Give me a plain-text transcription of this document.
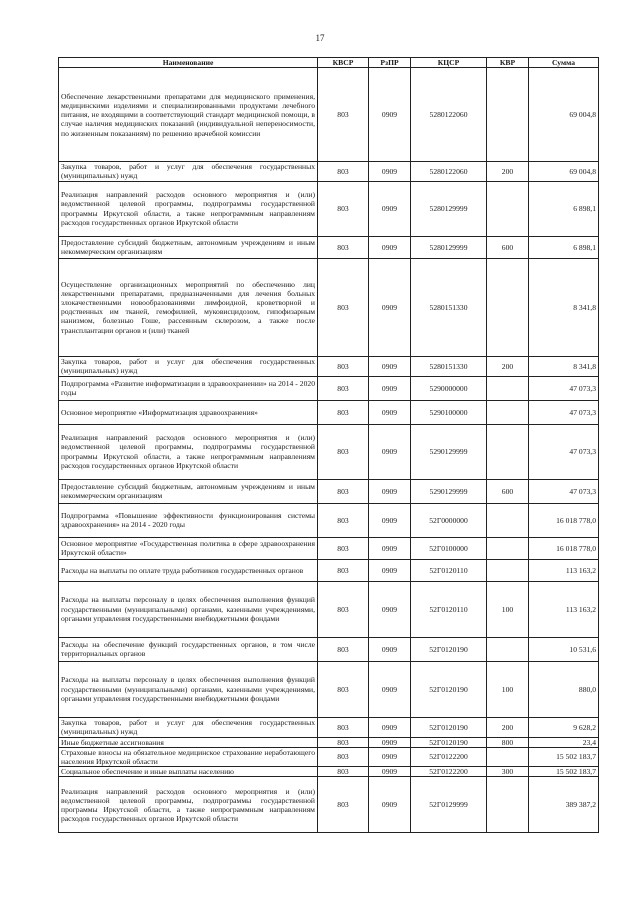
17
Наименование	КВСР	РзПР	КЦСР	КВР	Сумма
Обеспечение лекарственными препаратами для медицинского применения, медицинскими изделиями и специализированными продуктами лечебного питания, не входящими в соответствующий стандарт медицинской помощи, в случае наличия медицинских показаний (индивидуальной непереносимости, по жизненным показаниям) по решению врачебной комиссии	803	0909	5280122060		69 004,8
Закупка товаров, работ и услуг для обеспечения государственных (муниципальных) нужд	803	0909	5280122060	200	69 004,8
Реализация направлений расходов основного мероприятия и (или) ведомственной целевой программы, подпрограммы государственной программы Иркутской области, а также непрограммным направлениям расходов государственных органов Иркутской области	803	0909	5280129999		6 898,1
Предоставление субсидий бюджетным, автономным учреждениям и иным некоммерческим организациям	803	0909	5280129999	600	6 898,1
Осуществление организационных мероприятий по обеспечению лиц лекарственными препаратами, предназначенными для лечения больных злокачественными новообразованиями лимфоидной, кроветворной и родственных им тканей, гемофилией, муковисцидозом, гипофизарным нанизмом, болезнью Гоше, рассеянным склерозом, а также после трансплантации органов и (или) тканей	803	0909	5280151330		8 341,8
Закупка товаров, работ и услуг для обеспечения государственных (муниципальных) нужд	803	0909	5280151330	200	8 341,8
Подпрограмма «Развитие информатизации в здравоохранении» на 2014 - 2020 годы	803	0909	5290000000		47 073,3
Основное мероприятие «Информатизация здравоохранения»	803	0909	5290100000		47 073,3
Реализация направлений расходов основного мероприятия и (или) ведомственной целевой программы, подпрограммы государственной программы Иркутской области, а также непрограммным направлениям расходов государственных органов Иркутской области	803	0909	5290129999		47 073,3
Предоставление субсидий бюджетным, автономным учреждениям и иным некоммерческим организациям	803	0909	5290129999	600	47 073,3
Подпрограмма «Повышение эффективности функционирования системы здравоохранения» на 2014 - 2020 годы	803	0909	52Г0000000		16 018 778,0
Основное мероприятие «Государственная политика в сфере здравоохранения Иркутской области»	803	0909	52Г0100000		16 018 778,0
Расходы на выплаты по оплате труда работников государственных органов	803	0909	52Г0120110		113 163,2
Расходы на выплаты персоналу в целях обеспечения выполнения функций государственными (муниципальными) органами, казенными учреждениями, органами управления государственными внебюджетными фондами	803	0909	52Г0120110	100	113 163,2
Расходы на обеспечение функций государственных органов, в том числе территориальных органов	803	0909	52Г0120190		10 531,6
Расходы на выплаты персоналу в целях обеспечения выполнения функций государственными (муниципальными) органами, казенными учреждениями, органами управления государственными внебюджетными фондами	803	0909	52Г0120190	100	880,0
Закупка товаров, работ и услуг для обеспечения государственных (муниципальных) нужд	803	0909	52Г0120190	200	9 628,2
Иные бюджетные ассигнования	803	0909	52Г0120190	800	23,4
Страховые взносы на обязательное медицинское страхование неработающего населения Иркутской области	803	0909	52Г0122200		15 502 183,7
Социальное обеспечение и иные выплаты населению	803	0909	52Г0122200	300	15 502 183,7
Реализация направлений расходов основного мероприятия и (или) ведомственной целевой программы, подпрограммы государственной программы Иркутской области, а также непрограммным направлениям расходов государственных органов Иркутской области	803	0909	52Г0129999		389 387,2
